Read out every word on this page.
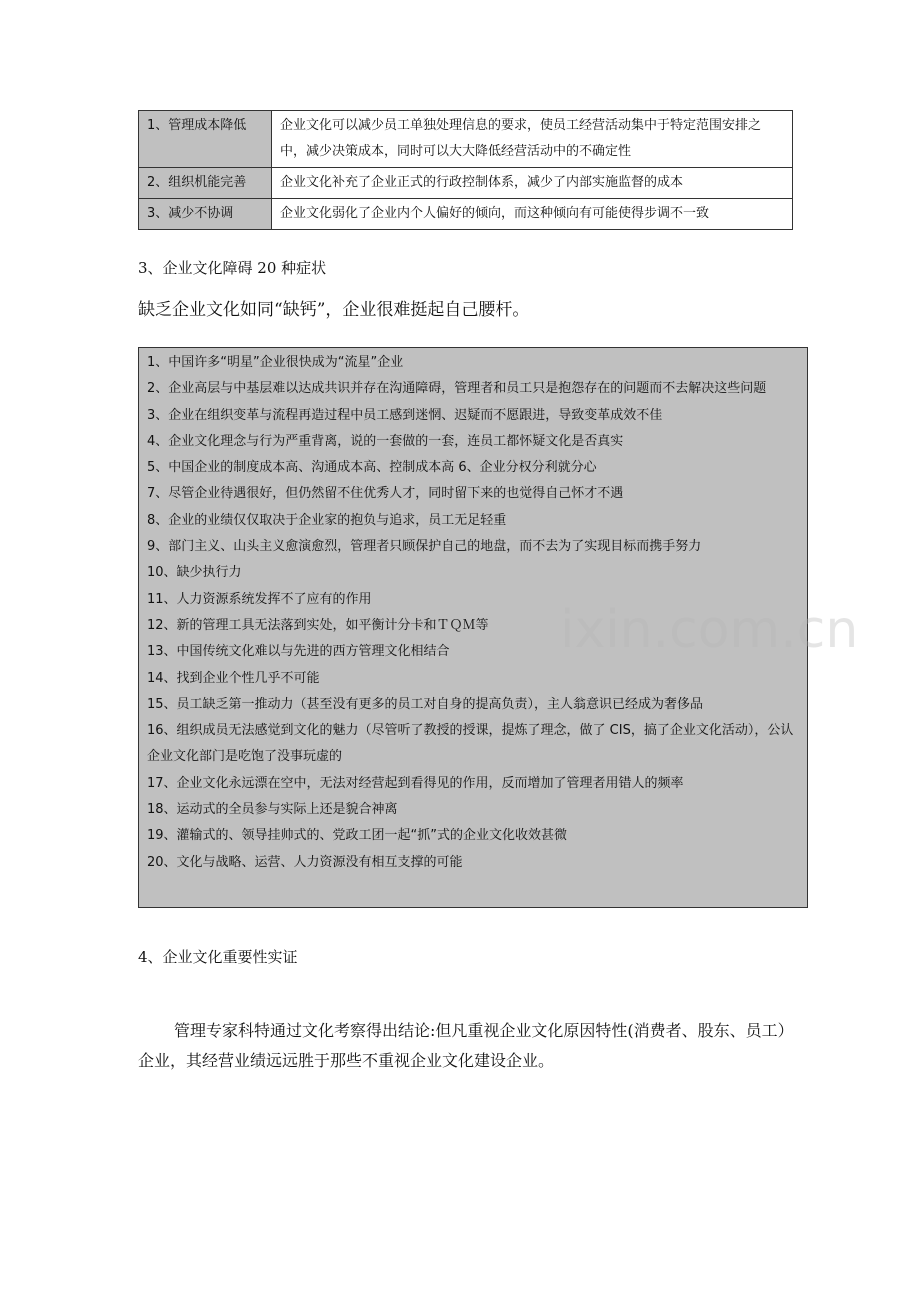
1、管理成本降低	企业文化可以减少员工单独处理信息的要求，使员工经营活动集中于特定范围安排之中，减少决策成本，同时可以大大降低经营活动中的不确定性
2、组织机能完善	企业文化补充了企业正式的行政控制体系，减少了内部实施监督的成本
3、减少不协调	企业文化弱化了企业内个人偏好的倾向，而这种倾向有可能使得步调不一致
3、企业文化障碍 20 种症状
缺乏企业文化如同“缺钙”，企业很难挺起自己腰杆。

1、中国许多“明星”企业很快成为“流星”企业

2、企业高层与中基层难以达成共识并存在沟通障碍，管理者和员工只是抱怨存在的问题而不去解决这些问题

3、企业在组织变革与流程再造过程中员工感到迷惘、迟疑而不愿跟进，导致变革成效不佳

4、企业文化理念与行为严重背离，说的一套做的一套，连员工都怀疑文化是否真实

5、中国企业的制度成本高、沟通成本高、控制成本高 6、企业分权分利就分心

7、尽管企业待遇很好，但仍然留不住优秀人才，同时留下来的也觉得自己怀才不遇

8、企业的业绩仅仅取决于企业家的抱负与追求，员工无足轻重

9、部门主义、山头主义愈演愈烈，管理者只顾保护自己的地盘，而不去为了实现目标而携手努力

10、缺少执行力

11、人力资源系统发挥不了应有的作用

12、新的管理工具无法落到实处，如平衡计分卡和ＴＱＭ等

13、中国传统文化难以与先进的西方管理文化相结合

14、找到企业个性几乎不可能

15、员工缺乏第一推动力（甚至没有更多的员工对自身的提高负责），主人翁意识已经成为奢侈品

16、组织成员无法感觉到文化的魅力（尽管听了教授的授课，提炼了理念，做了 CIS，搞了企业文化活动），公认企业文化部门是吃饱了没事玩虚的

17、企业文化永远漂在空中，无法对经营起到看得见的作用，反而增加了管理者用错人的频率

18、运动式的全员参与实际上还是貌合神离

19、灌输式的、领导挂帅式的、党政工团一起“抓”式的企业文化收效甚微

20、文化与战略、运营、人力资源没有相互支撑的可能

ixin.com.cn
4、企业文化重要性实证

管理专家科特通过文化考察得出结论:但凡重视企业文化原因特性(消费者、股东、员工）企业，其经营业绩远远胜于那些不重视企业文化建设企业。
